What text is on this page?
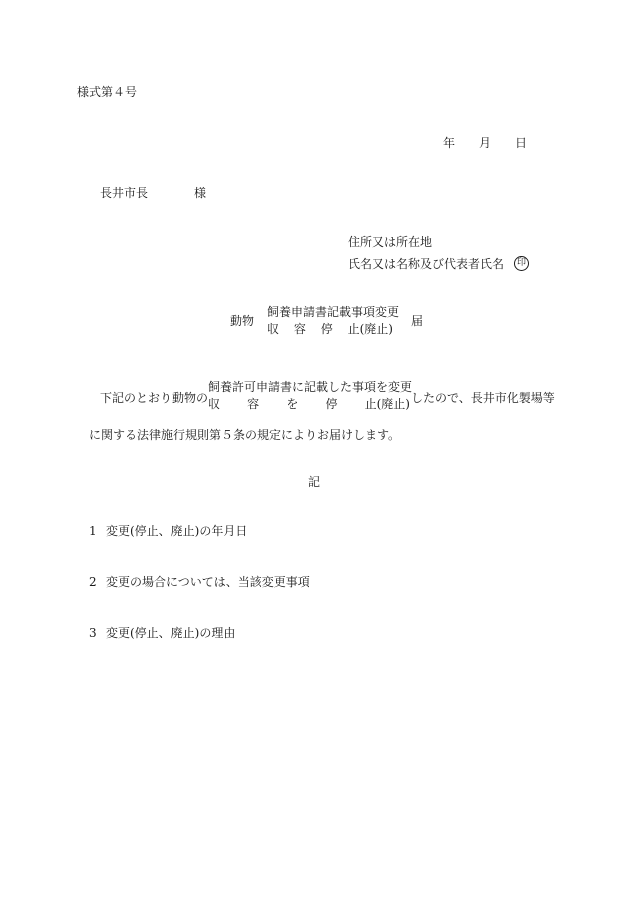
様式第４号
年 月 日
長井市長	様
住所又は所在地
氏名又は名称及び代表者氏名 印
動物
飼養申請書記載事項変更
収 容 停 止(廃止)
届
下記のとおり動物の
飼養許可申請書に記載した事項を変更
収 容 を 停 止(廃止) したので、長井市化製場等
に関する法律施行規則第５条の規定によりお届けします。
記
1 変更(停止、廃止)の年月日
2 変更の場合については、当該変更事項
3 変更(停止、廃止)の理由
